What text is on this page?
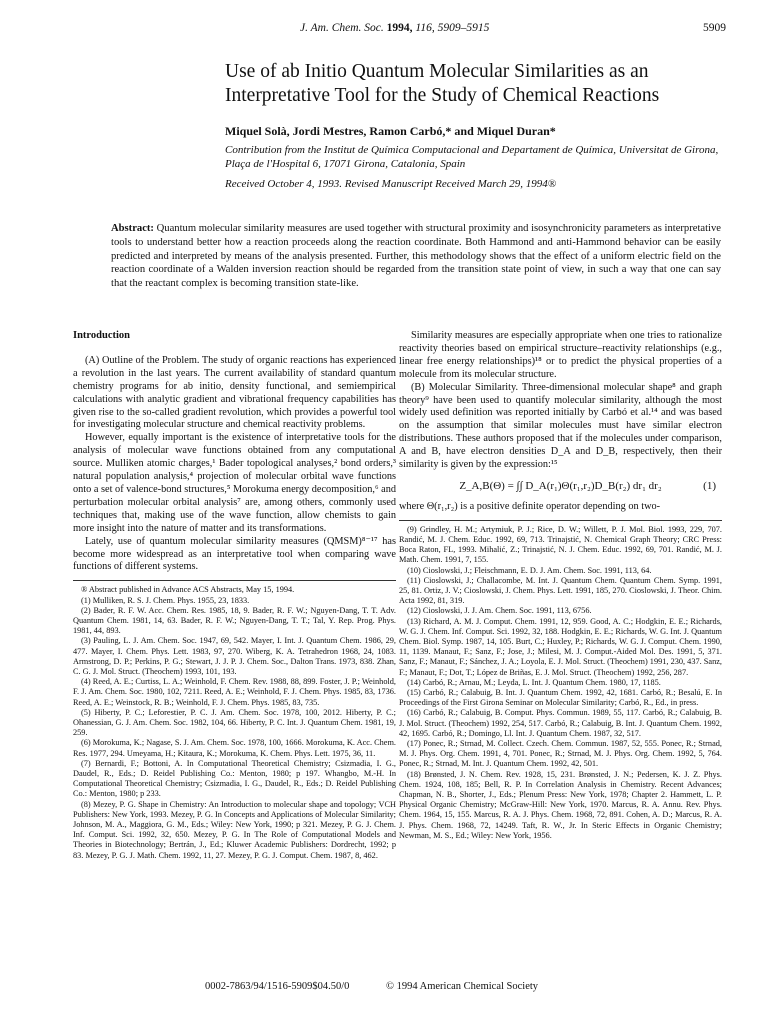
J. Am. Chem. Soc. 1994, 116, 5909–5915	5909
Use of ab Initio Quantum Molecular Similarities as an Interpretative Tool for the Study of Chemical Reactions
Miquel Solà, Jordi Mestres, Ramon Carbó,* and Miquel Duran*
Contribution from the Institut de Química Computacional and Departament de Química, Universitat de Girona, Plaça de l'Hospital 6, 17071 Girona, Catalonia, Spain
Received October 4, 1993. Revised Manuscript Received March 29, 1994®
Abstract: Quantum molecular similarity measures are used together with structural proximity and isosynchronicity parameters as interpretative tools to understand better how a reaction proceeds along the reaction coordinate. Both Hammond and anti-Hammond behavior can be easily predicted and interpreted by means of the analysis presented. Further, this methodology shows that the effect of a uniform electric field on the reaction coordinate of a Walden inversion reaction should be regarded from the transition state point of view, in such a way that one can say that the reactant complex is becoming transition state-like.
Introduction

(A) Outline of the Problem. The study of organic reactions has experienced a revolution in the last years. The current availability of standard quantum chemistry programs for ab initio, density functional, and semiempirical calculations with analytic gradient and vibrational frequency capabilities has given rise to the so-called gradient revolution, which provides a powerful tool for investigating molecular structure and chemical reactivity problems.

However, equally important is the existence of interpretative tools for the analysis of molecular wave functions obtained from any computational source. Mulliken atomic charges,¹ Bader topological analyses,² bond orders,³ natural population analysis,⁴ projection of molecular orbital wave functions onto a set of valence-bond structures,⁵ Morokuma energy decomposition,⁶ and perturbation molecular orbital analysis⁷ are, among others, commonly used techniques that, making use of the wave function, allow chemists to gain more insight into the nature of matter and its transformations.

Lately, use of quantum molecular similarity measures (QMSM)⁸⁻¹⁷ has become more widespread as an interpretative tool when comparing wave functions of different systems.

® Abstract published in Advance ACS Abstracts, May 15, 1994.

(1) Mulliken, R. S. J. Chem. Phys. 1955, 23, 1833.

(2) Bader, R. F. W. Acc. Chem. Res. 1985, 18, 9. Bader, R. F. W.; Nguyen-Dang, T. T. Adv. Quantum Chem. 1981, 14, 63. Bader, R. F. W.; Nguyen-Dang, T. T.; Tal, Y. Rep. Prog. Phys. 1981, 44, 893.

(3) Pauling, L. J. Am. Chem. Soc. 1947, 69, 542. Mayer, I. Int. J. Quantum Chem. 1986, 29, 477. Mayer, I. Chem. Phys. Lett. 1983, 97, 270. Wiberg, K. A. Tetrahedron 1968, 24, 1083. Armstrong, D. P.; Perkins, P. G.; Stewart, J. J. P. J. Chem. Soc., Dalton Trans. 1973, 838. Zhan, C. G. J. Mol. Struct. (Theochem) 1993, 101, 193.

(4) Reed, A. E.; Curtiss, L. A.; Weinhold, F. Chem. Rev. 1988, 88, 899. Foster, J. P.; Weinhold, F. J. Am. Chem. Soc. 1980, 102, 7211. Reed, A. E.; Weinhold, F. J. Chem. Phys. 1985, 83, 1736. Reed, A. E.; Weinstock, R. B.; Weinhold, F. J. Chem. Phys. 1985, 83, 735.

(5) Hiberty, P. C.; Leforestier, P. C. J. Am. Chem. Soc. 1978, 100, 2012. Hiberty, P. C.; Ohanessian, G. J. Am. Chem. Soc. 1982, 104, 66. Hiberty, P. C. Int. J. Quantum Chem. 1981, 19, 259.

(6) Morokuma, K.; Nagase, S. J. Am. Chem. Soc. 1978, 100, 1666. Morokuma, K. Acc. Chem. Res. 1977, 294. Umeyama, H.; Kitaura, K.; Morokuma, K. Chem. Phys. Lett. 1975, 36, 11.

(7) Bernardi, F.; Bottoni, A. In Computational Theoretical Chemistry; Csizmadia, I. G., Daudel, R., Eds.; D. Reidel Publishing Co.: Menton, 1980; p 197. Whangbo, M.-H. In Computational Theoretical Chemistry; Csizmadia, I. G., Daudel, R., Eds.; D. Reidel Publishing Co.: Menton, 1980; p 233.

(8) Mezey, P. G. Shape in Chemistry: An Introduction to molecular shape and topology; VCH Publishers: New York, 1993. Mezey, P. G. In Concepts and Applications of Molecular Similarity; Johnson, M. A., Maggiora, G. M., Eds.; Wiley: New York, 1990; p 321. Mezey, P. G. J. Chem. Inf. Comput. Sci. 1992, 32, 650. Mezey, P. G. In The Role of Computational Models and Theories in Biotechnology; Bertrán, J., Ed.; Kluwer Academic Publishers: Dordrecht, 1992; p 83. Mezey, P. G. J. Math. Chem. 1992, 11, 27. Mezey, P. G. J. Comput. Chem. 1987, 8, 462.

Similarity measures are especially appropriate when one tries to rationalize reactivity theories based on empirical structure–reactivity relationships (e.g., linear free energy relationships)¹⁸ or to predict the physical properties of a molecule from its molecular structure.

(B) Molecular Similarity. Three-dimensional molecular shape⁸ and graph theory⁹ have been used to quantify molecular similarity, although the most widely used definition was reported initially by Carbó et al.¹⁴ and was based on the assumption that similar molecules must have similar electron distributions. These authors proposed that if the molecules under comparison, A and B, have electron densities D_A and D_B, respectively, then their similarity is given by the expression:¹⁵

Z_A,B(Θ) = ∫∫ D_A(r₁)Θ(r₁,r₂)D_B(r₂) dr₁ dr₂	(1)

where Θ(r₁,r₂) is a positive definite operator depending on two-

(9) Grindley, H. M.; Artymiuk, P. J.; Rice, D. W.; Willett, P. J. Mol. Biol. 1993, 229, 707. Randić, M. J. Chem. Educ. 1992, 69, 713. Trinajstić, N. Chemical Graph Theory; CRC Press: Boca Raton, FL, 1993. Mihalić, Z.; Trinajstić, N. J. Chem. Educ. 1992, 69, 701. Randić, M. J. Math. Chem. 1991, 7, 155.

(10) Cioslowski, J.; Fleischmann, E. D. J. Am. Chem. Soc. 1991, 113, 64.

(11) Cioslowski, J.; Challacombe, M. Int. J. Quantum Chem. Quantum Chem. Symp. 1991, 25, 81. Ortiz, J. V.; Cioslowski, J. Chem. Phys. Lett. 1991, 185, 270. Cioslowski, J. Theor. Chim. Acta 1992, 81, 319.

(12) Cioslowski, J. J. Am. Chem. Soc. 1991, 113, 6756.

(13) Richard, A. M. J. Comput. Chem. 1991, 12, 959. Good, A. C.; Hodgkin, E. E.; Richards, W. G. J. Chem. Inf. Comput. Sci. 1992, 32, 188. Hodgkin, E. E.; Richards, W. G. Int. J. Quantum Chem. Biol. Symp. 1987, 14, 105. Burt, C.; Huxley, P.; Richards, W. G. J. Comput. Chem. 1990, 11, 1139. Manaut, F.; Sanz, F.; Jose, J.; Milesi, M. J. Comput.-Aided Mol. Des. 1991, 5, 371. Sanz, F.; Manaut, F.; Sánchez, J. A.; Loyola, E. J. Mol. Struct. (Theochem) 1991, 230, 437. Sanz, F.; Manaut, F.; Dot, T.; López de Briñas, E. J. Mol. Struct. (Theochem) 1992, 256, 287.

(14) Carbó, R.; Arnau, M.; Leyda, L. Int. J. Quantum Chem. 1980, 17, 1185.

(15) Carbó, R.; Calabuig, B. Int. J. Quantum Chem. 1992, 42, 1681. Carbó, R.; Besalú, E. In Proceedings of the First Girona Seminar on Molecular Similarity; Carbó, R., Ed., in press.

(16) Carbó, R.; Calabuig, B. Comput. Phys. Commun. 1989, 55, 117. Carbó, R.; Calabuig, B. J. Mol. Struct. (Theochem) 1992, 254, 517. Carbó, R.; Calabuig, B. Int. J. Quantum Chem. 1992, 42, 1695. Carbó, R.; Domingo, Ll. Int. J. Quantum Chem. 1987, 32, 517.

(17) Ponec, R.; Strnad, M. Collect. Czech. Chem. Commun. 1987, 52, 555. Ponec, R.; Strnad, M. J. Phys. Org. Chem. 1991, 4, 701. Ponec, R.; Strnad, M. J. Phys. Org. Chem. 1992, 5, 764. Ponec, R.; Strnad, M. Int. J. Quantum Chem. 1992, 42, 501.

(18) Brønsted, J. N. Chem. Rev. 1928, 15, 231. Brønsted, J. N.; Pedersen, K. J. Z. Phys. Chem. 1924, 108, 185; Bell, R. P. In Correlation Analysis in Chemistry. Recent Advances; Chapman, N. B., Shorter, J., Eds.; Plenum Press: New York, 1978; Chapter 2. Hammett, L. P. Physical Organic Chemistry; McGraw-Hill: New York, 1970. Marcus, R. A. Annu. Rev. Phys. Chem. 1964, 15, 155. Marcus, R. A. J. Phys. Chem. 1968, 72, 891. Cohen, A. D.; Marcus, R. A. J. Phys. Chem. 1968, 72, 14249. Taft, R. W., Jr. In Steric Effects in Organic Chemistry; Newman, M. S., Ed.; Wiley: New York, 1956.

0002-7863/94/1516-5909$04.50/0	© 1994 American Chemical Society
